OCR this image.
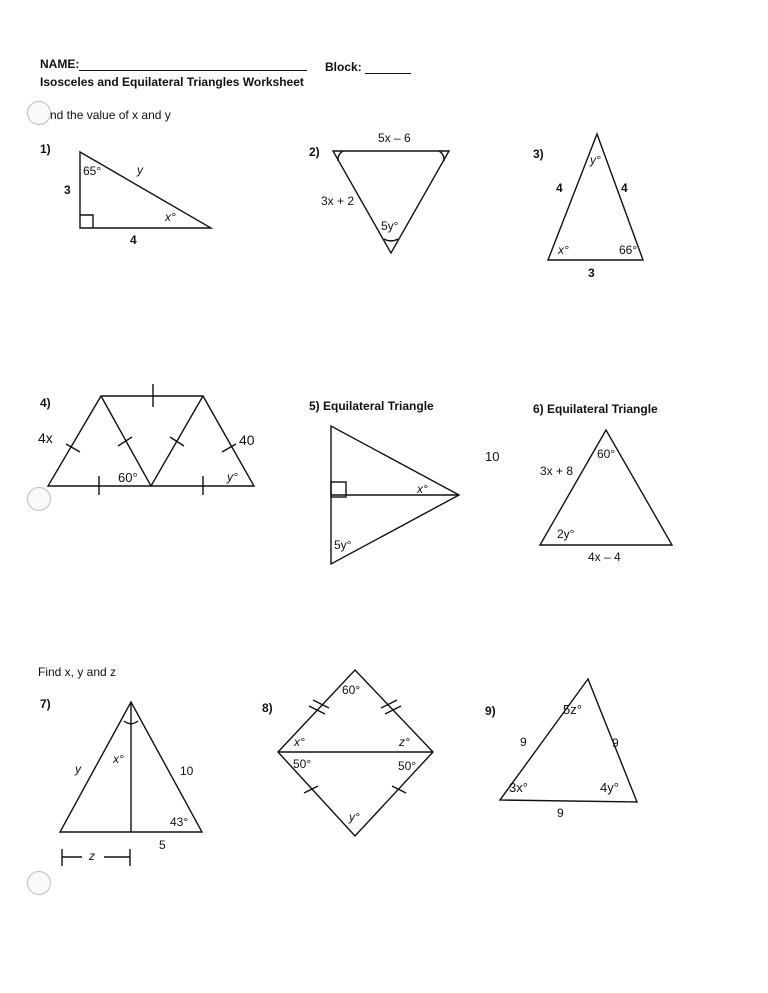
NAME:	Block:
Isosceles and Equilateral Triangles Worksheet
nd the value of x and y
1)
65°
3
y
x°
4
2)
5x – 6
3x + 2
5y°
3)	y°
4	4
x°	66°
3
4)
4x	40
60°	y°
5) Equilateral Triangle
x°
5y°
10
6) Equilateral Triangle
60°
3x + 8
2y°
4x – 4
Find x, y and z
7)
x°
y	10
43°
5
z
8)
60°
x°	z°
50°	50°
y°
9)	5z°
9	9
3x°	4y°
9
